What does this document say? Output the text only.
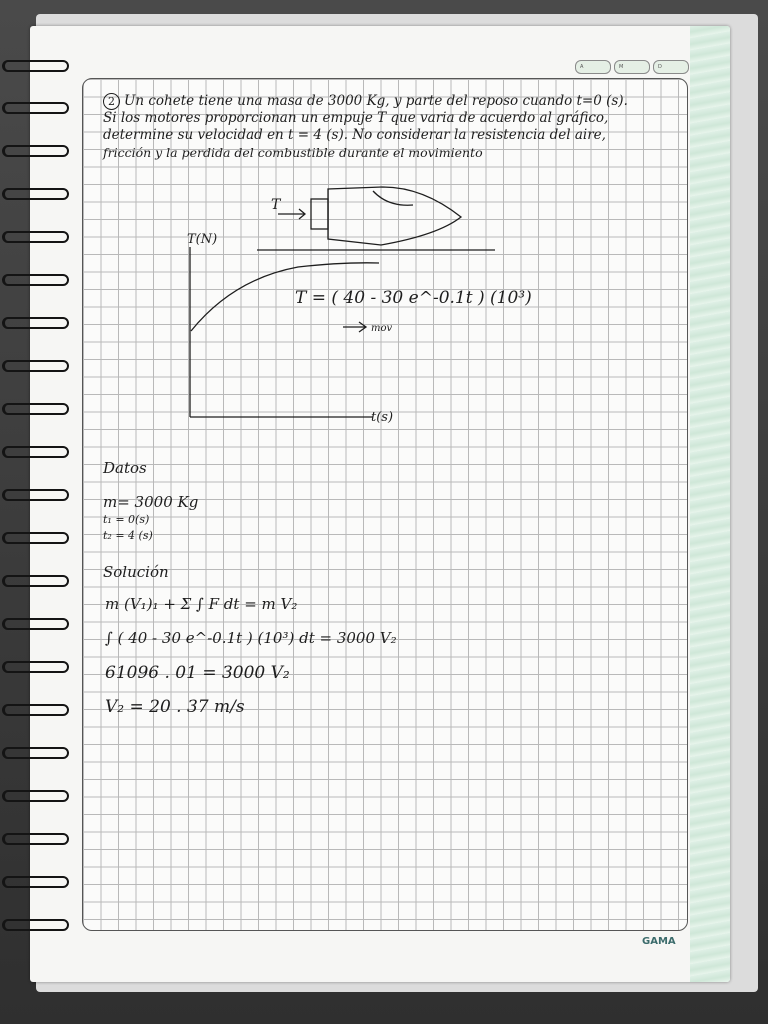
A	M	D
2 Un cohete tiene una masa de 3000 Kg, y parte del reposo cuando t=0 (s).
Si los motores proporcionan un empuje T que varia de acuerdo al gráfico,
determine su velocidad en t = 4 (s). No considerar la resistencia del aire,
fricción y la perdida del combustible durante el movimiento
T
T(N)
t(s)
T = ( 40 - 30 e^-0.1t ) (10³)
mov
Datos
m= 3000 Kg
t₁ = 0(s)
t₂ = 4 (s)
Solución
m (V₁)₁ + Σ ∫ F dt = m V₂
∫ ( 40 - 30 e^-0.1t ) (10³) dt = 3000 V₂
61096 . 01 = 3000 V₂
V₂ = 20 . 37 m/s
GAMA
